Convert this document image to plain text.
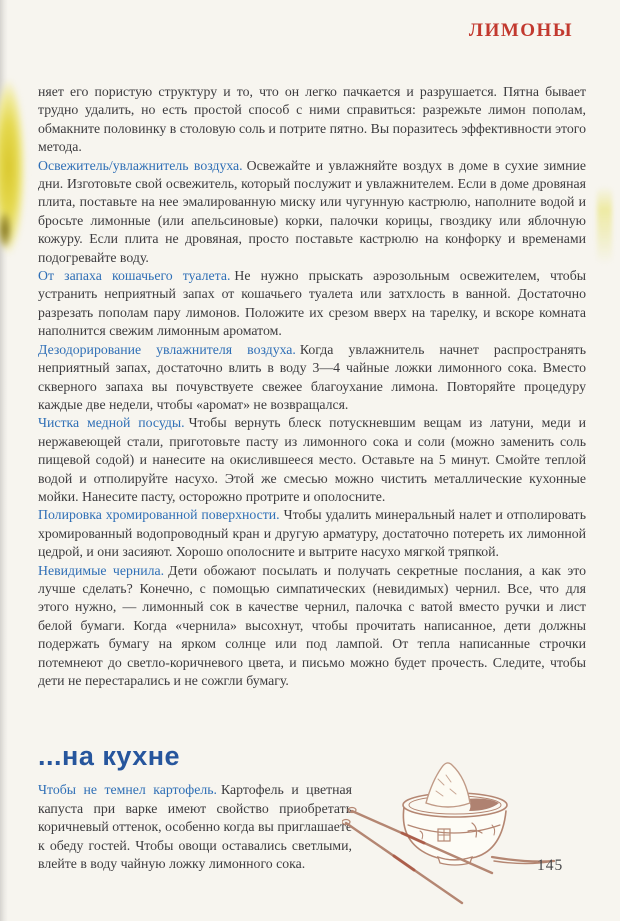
ЛИМОНЫ

няет его пористую структуру и то, что он легко пачкается и разрушается. Пятна бывает трудно удалить, но есть простой способ с ними справиться: разрежьте лимон пополам, обмакните половинку в столовую соль и потрите пятно. Вы поразитесь эффективности этого метода.

Освежитель/увлажнитель воздуха. Освежайте и увлажняйте воздух в доме в сухие зимние дни. Изготовьте свой освежитель, который послужит и увлажнителем. Если в доме дровяная плита, поставьте на нее эмалированную миску или чугунную кастрюлю, наполните водой и бросьте лимонные (или апельсиновые) корки, палочки корицы, гвоздику или яблочную кожуру. Если плита не дровяная, просто поставьте кастрюлю на конфорку и временами подогревайте воду.

От запаха кошачьего туалета. Не нужно прыскать аэрозольным освежителем, чтобы устранить неприятный запах от кошачьего туалета или затхлость в ванной. Достаточно разрезать пополам пару лимонов. Положите их срезом вверх на тарелку, и вскоре комната наполнится свежим лимонным ароматом.

Дезодорирование увлажнителя воздуха. Когда увлажнитель начнет распространять неприятный запах, достаточно влить в воду 3—4 чайные ложки лимонного сока. Вместо скверного запаха вы почувствуете свежее благоухание лимона. Повторяйте процедуру каждые две недели, чтобы «аромат» не возвращался.

Чистка медной посуды. Чтобы вернуть блеск потускневшим вещам из латуни, меди и нержавеющей стали, приготовьте пасту из лимонного сока и соли (можно заменить соль пищевой содой) и нанесите на окислившееся место. Оставьте на 5 минут. Смойте теплой водой и отполируйте насухо. Этой же смесью можно чистить металлические кухонные мойки. Нанесите пасту, осторожно протрите и ополосните.

Полировка хромированной поверхности. Чтобы удалить минеральный налет и отполировать хромированный водопроводный кран и другую арматуру, достаточно потереть их лимонной цедрой, и они засияют. Хорошо ополосните и вытрите насухо мягкой тряпкой.

Невидимые чернила. Дети обожают посылать и получать секретные послания, а как это лучше сделать? Конечно, с помощью симпатических (невидимых) чернил. Все, что для этого нужно, — лимонный сок в качестве чернил, палочка с ватой вместо ручки и лист белой бумаги. Когда «чернила» высохнут, чтобы прочитать написанное, дети должны подержать бумагу на ярком солнце или под лампой. От тепла написанные строчки потемнеют до светло-коричневого цвета, и письмо можно будет прочесть. Следите, чтобы дети не перестарались и не сожгли бумагу.

...на кухне

Чтобы не темнел картофель. Картофель и цветная капуста при варке имеют свойство приобретать коричневый оттенок, особенно когда вы приглашаете к обеду гостей. Чтобы овощи оставались светлыми, влейте в воду чайную ложку лимонного сока.	145
